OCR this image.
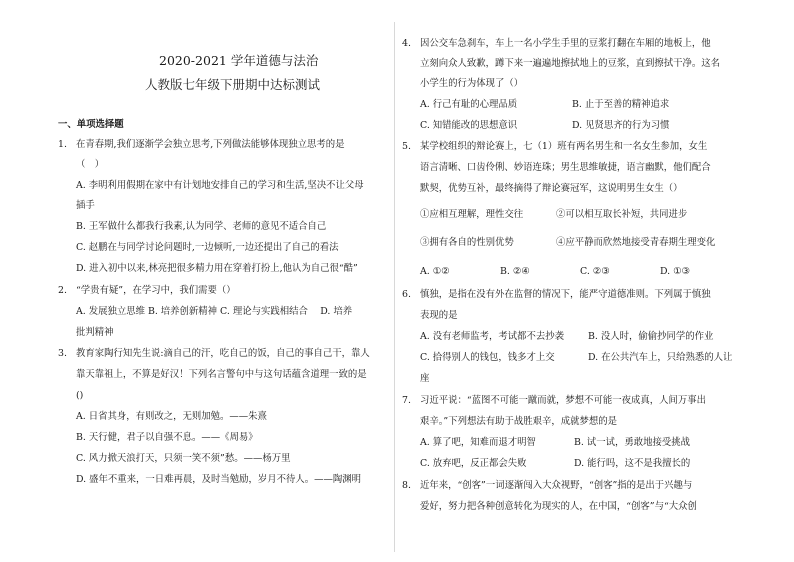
2020-2021 学年道德与法治
人教版七年级下册期中达标测试
一、单项选择题
1. 在青春期,我们逐渐学会独立思考,下列做法能够体现独立思考的是
（　）
A. 李明利用假期在家中有计划地安排自己的学习和生活,坚决不让父母
插手
B. 王军做什么都我行我素,认为同学、老师的意见不适合自己
C. 赵鹏在与同学讨论问题时,一边倾听,一边还提出了自己的看法
D. 进入初中以来,林亮把很多精力用在穿着打扮上,他认为自己很“酷”
2. “学贵有疑”，在学习中，我们需要（）
A. 发展独立思维 B. 培养创新精神 C. 理论与实践相结合　 D. 培养
批判精神
3. 教育家陶行知先生说:滴自己的汗，吃自己的饭，自己的事自己干，靠人
靠天靠祖上，不算是好汉！下列名言警句中与这句话蕴含道理一致的是
()
A. 日省其身，有则改之，无则加勉。——朱熹
B. 天行健，君子以自强不息。——《周易》
C. 风力掀天浪打天，只须一笑不须”愁。——杨万里
D. 盛年不重来，一日难再晨，及时当勉励，岁月不待人。——陶渊明
4. 因公交车急刹车，车上一名小学生手里的豆浆打翻在车厢的地板上，他
立刻向众人致歉，蹲下来一遍遍地擦拭地上的豆浆，直到擦拭干净。这名
小学生的行为体现了（）
A. 行己有耻的心理品质	B. 止于至善的精神追求
C. 知错能改的思想意识	D. 见贤思齐的行为习惯
5. 某学校组织的辩论赛上，七（1）班有两名男生和一名女生参加，女生
语言清晰、口齿伶俐、妙语连珠；男生思维敏捷，语言幽默，他们配合
默契，优势互补，最终摘得了辩论赛冠军，这说明男生女生（）
①应相互理解，理性交往	②可以相互取长补短，共同进步
③拥有各自的性别优势	④应平静而欣然地接受青春期生理变化
A. ①②	B. ②④	C. ②③	D. ①③
6. 慎独，是指在没有外在监督的情况下，能严守道德准则。下列属于慎独
表现的是
A. 没有老师监考，考试都不去抄袭	B. 没人时，偷偷抄同学的作业
C. 拾得别人的钱包，钱多才上交	D. 在公共汽车上，只给熟悉的人让
座
7. 习近平说：“蓝图不可能一蹴而就，梦想不可能一夜成真，人间万事出
艰辛。”下列想法有助于战胜艰辛，成就梦想的是
A. 算了吧，知难而退才明智	B. 试一试，勇敢地接受挑战
C. 放弃吧，反正都会失败	D. 能行吗，这不是我擅长的
8. 近年来，“创客”一词逐渐闯入大众视野，“创客”指的是出于兴趣与
爱好，努力把各种创意转化为现实的人，在中国，“创客”与“大众创
